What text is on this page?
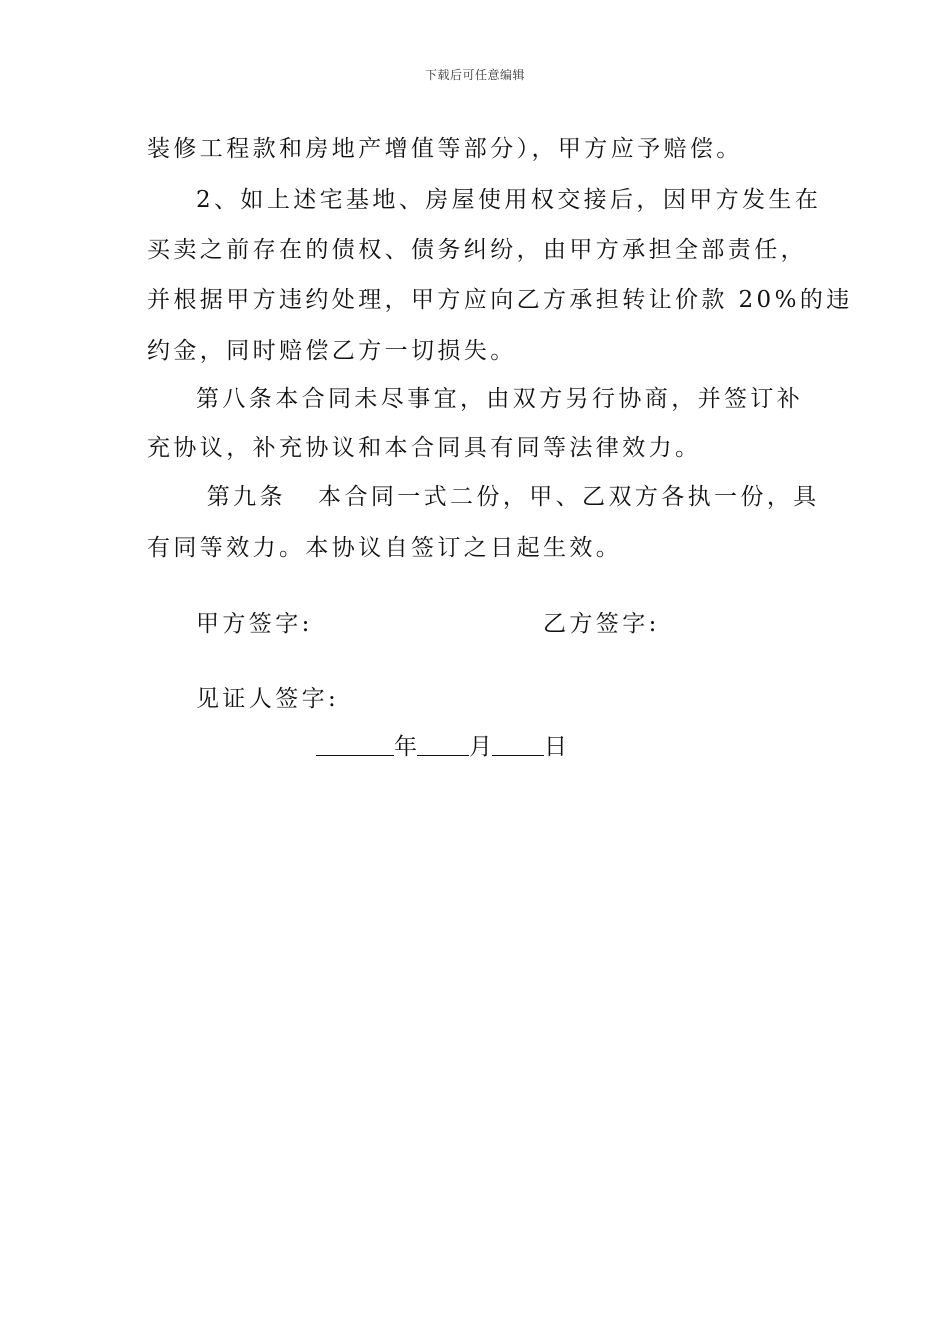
下载后可任意编辑
装修工程款和房地产增值等部分），甲方应予赔偿。
2、如上述宅基地、房屋使用权交接后，因甲方发生在
买卖之前存在的债权、债务纠纷，由甲方承担全部责任，
并根据甲方违约处理，甲方应向乙方承担转让价款 20%的违
约金，同时赔偿乙方一切损失。
第八条本合同未尽事宜，由双方另行协商，并签订补
充协议，补充协议和本合同具有同等法律效力。
第九条   本合同一式二份，甲、乙双方各执一份，具
有同等效力。本协议自签订之日起生效。
甲方签字:	乙方签字:
见证人签字:
年 月 日
